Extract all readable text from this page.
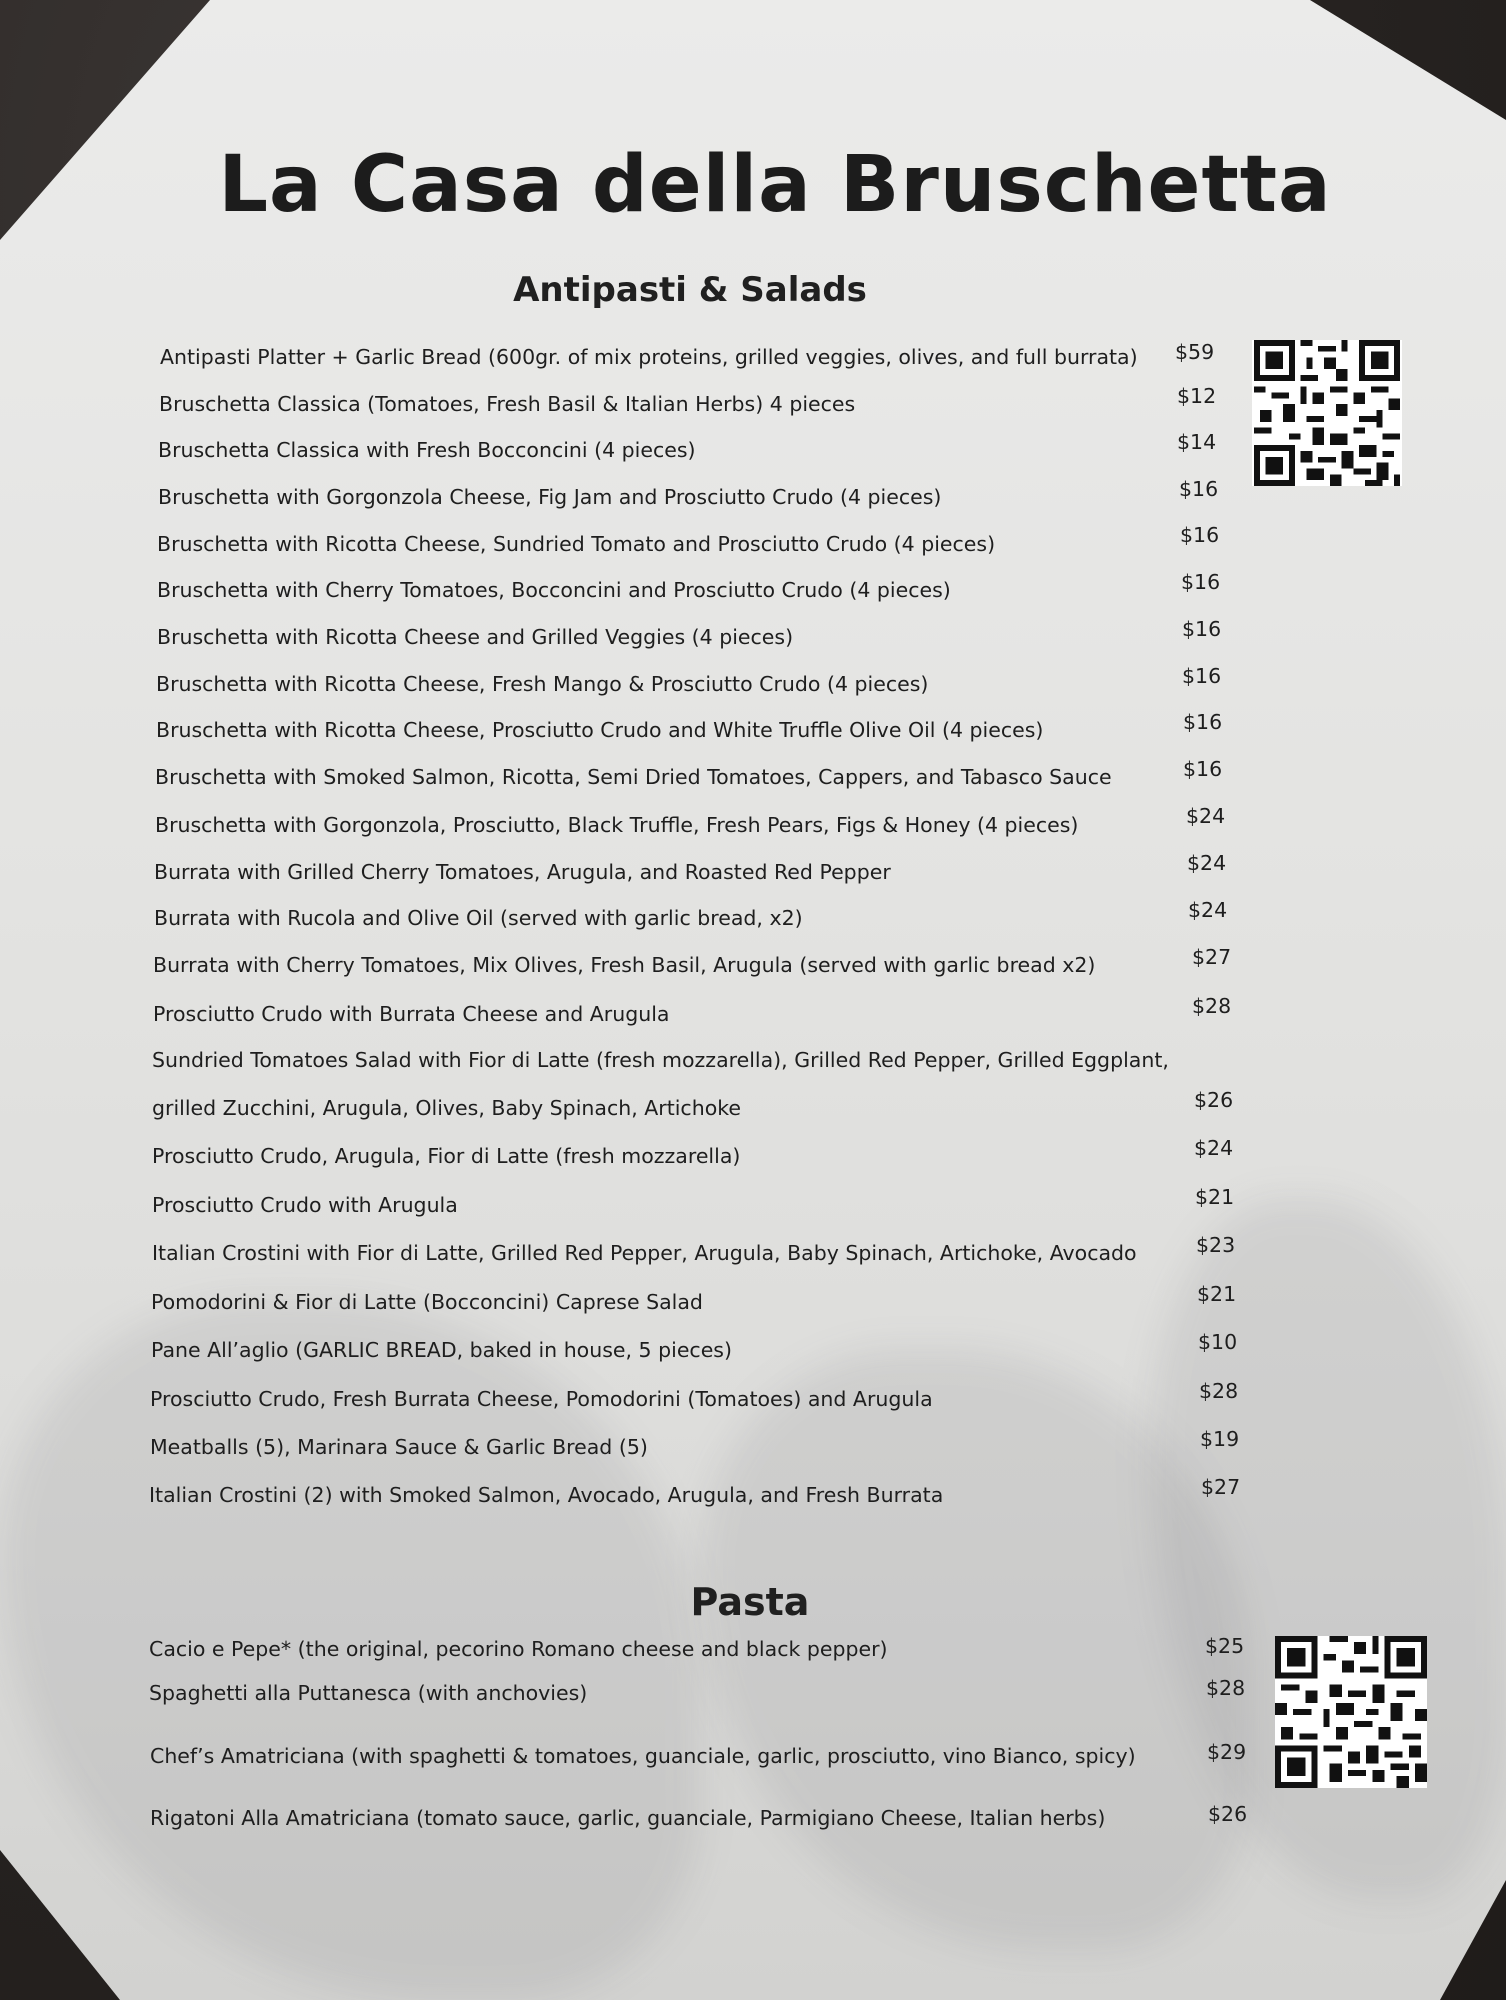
La Casa della Bruschetta
Antipasti & Salads
Antipasti Platter + Garlic Bread (600gr. of mix proteins, grilled veggies, olives, and full burrata) $59
Bruschetta Classica (Tomatoes, Fresh Basil & Italian Herbs) 4 pieces	$12
Bruschetta Classica with Fresh Bocconcini (4 pieces)	$14
Bruschetta with Gorgonzola Cheese, Fig Jam and Prosciutto Crudo (4 pieces)	$16
Bruschetta with Ricotta Cheese, Sundried Tomato and Prosciutto Crudo (4 pieces)	$16
Bruschetta with Cherry Tomatoes, Bocconcini and Prosciutto Crudo (4 pieces)	$16
Bruschetta with Ricotta Cheese and Grilled Veggies (4 pieces)	$16
Bruschetta with Ricotta Cheese, Fresh Mango & Prosciutto Crudo (4 pieces)	$16
Bruschetta with Ricotta Cheese, Prosciutto Crudo and White Truffle Olive Oil (4 pieces)	$16
Bruschetta with Smoked Salmon, Ricotta, Semi Dried Tomatoes, Cappers, and Tabasco Sauce	$16
Bruschetta with Gorgonzola, Prosciutto, Black Truffle, Fresh Pears, Figs & Honey (4 pieces)	$24
Burrata with Grilled Cherry Tomatoes, Arugula, and Roasted Red Pepper	$24
Burrata with Rucola and Olive Oil (served with garlic bread, x2)	$24
Burrata with Cherry Tomatoes, Mix Olives, Fresh Basil, Arugula (served with garlic bread x2)	$27
Prosciutto Crudo with Burrata Cheese and Arugula	$28
Sundried Tomatoes Salad with Fior di Latte (fresh mozzarella), Grilled Red Pepper, Grilled Eggplant,
grilled Zucchini, Arugula, Olives, Baby Spinach, Artichoke	$26
Prosciutto Crudo, Arugula, Fior di Latte (fresh mozzarella)	$24
Prosciutto Crudo with Arugula	$21
Italian Crostini with Fior di Latte, Grilled Red Pepper, Arugula, Baby Spinach, Artichoke, Avocado	$23
Pomodorini & Fior di Latte (Bocconcini) Caprese Salad	$21
Pane All’aglio (GARLIC BREAD, baked in house, 5 pieces)	$10
Prosciutto Crudo, Fresh Burrata Cheese, Pomodorini (Tomatoes) and Arugula	$28
Meatballs (5), Marinara Sauce & Garlic Bread (5)	$19
Italian Crostini (2) with Smoked Salmon, Avocado, Arugula, and Fresh Burrata	$27
Pasta
Cacio e Pepe* (the original, pecorino Romano cheese and black pepper)	$25
Spaghetti alla Puttanesca (with anchovies)	$28
Chef’s Amatriciana (with spaghetti & tomatoes, guanciale, garlic, prosciutto, vino Bianco, spicy)	$29
Rigatoni Alla Amatriciana (tomato sauce, garlic, guanciale, Parmigiano Cheese, Italian herbs)	$26
